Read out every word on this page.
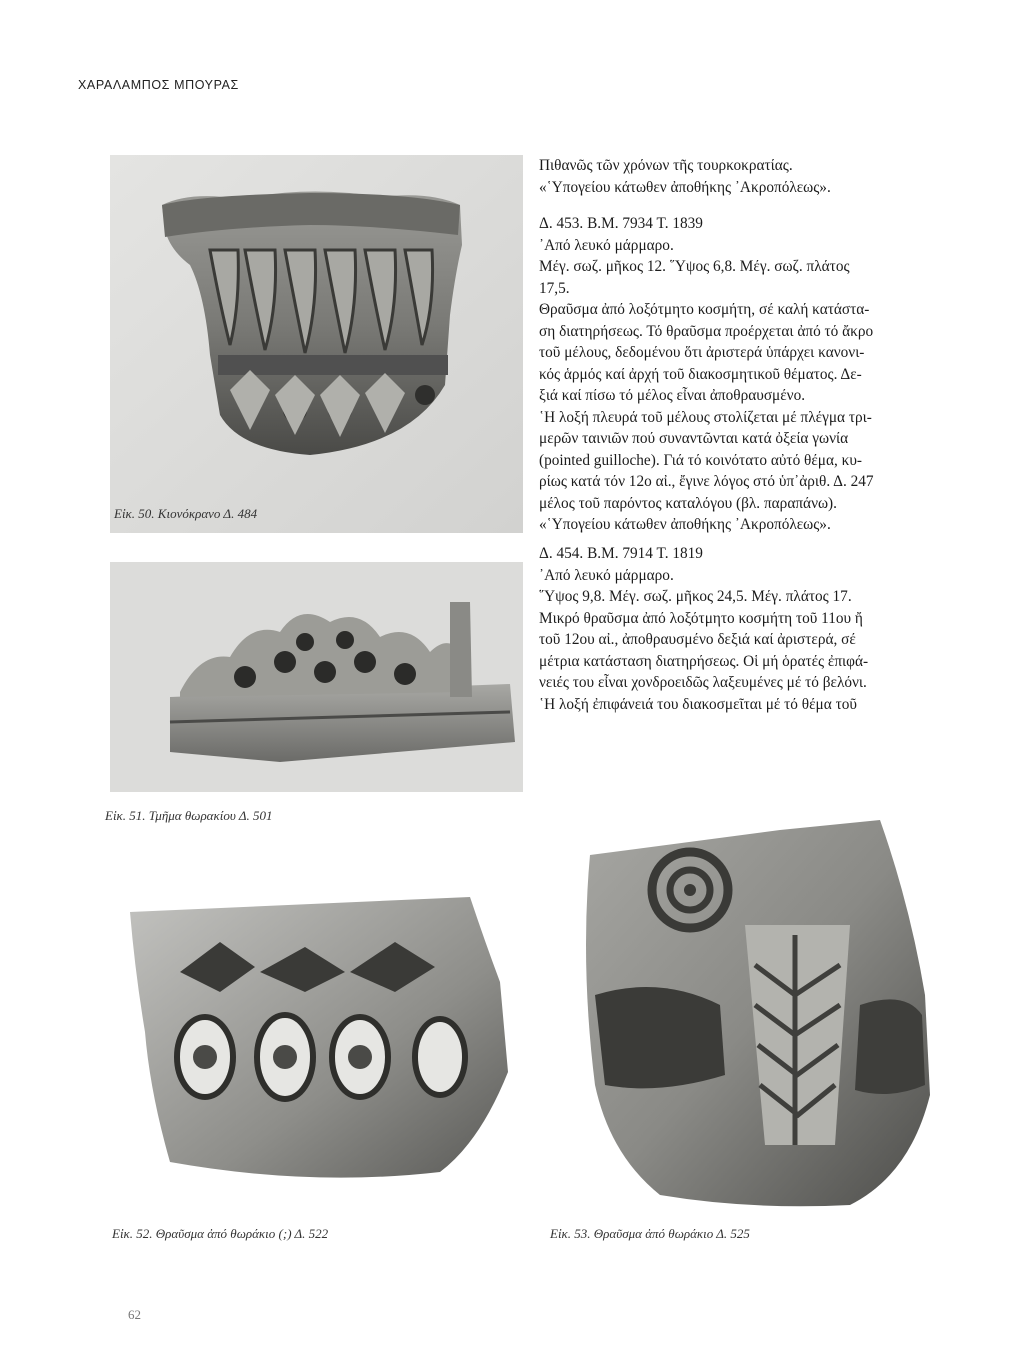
ΧΑΡΑΛΑΜΠΟΣ ΜΠΟΥΡΑΣ
Εἰκ. 50. Κιονόκρανο Δ. 484
Εἰκ. 51. Τμῆμα θωρακίου Δ. 501
Εἰκ. 52. Θραῦσμα ἀπό θωράκιο (;) Δ. 522	Εἰκ. 53. Θραῦσμα ἀπό θωράκιο Δ. 525

Πιθανῶς τῶν χρόνων τῆς τουρκοκρατίας.

«῾Υπογείου κάτωθεν ἀποθήκης ᾿Ακροπόλεως».

Δ. 453. Β.Μ. 7934 Τ. 1839

᾿Από λευκό μάρμαρο.

Μέγ. σωζ. μῆκος 12. ῞Υψος 6,8. Μέγ. σωζ. πλάτος

17,5.

Θραῦσμα ἀπό λοξότμητο κοσμήτη, σέ καλή κατάστα-

ση διατηρήσεως. Τό θραῦσμα προέρχεται ἀπό τό ἄκρο

τοῦ μέλους, δεδομένου ὅτι ἀριστερά ὑπάρχει κανονι-

κός ἁρμός καί ἀρχή τοῦ διακοσμητικοῦ θέματος. Δε-

ξιά καί πίσω τό μέλος εἶναι ἀποθραυσμένο.

῾Η λοξή πλευρά τοῦ μέλους στολίζεται μέ πλέγμα τρι-

μερῶν ταινιῶν πού συναντῶνται κατά ὀξεία γωνία

(pointed guilloche). Γιά τό κοινότατο αὐτό θέμα, κυ-

ρίως κατά τόν 12ο αἰ., ἔγινε λόγος στό ὑπ᾿ἀριθ. Δ. 247

μέλος τοῦ παρόντος καταλόγου (βλ. παραπάνω).

«῾Υπογείου κάτωθεν ἀποθήκης ᾿Ακροπόλεως».

Δ. 454. Β.Μ. 7914 Τ. 1819

᾿Από λευκό μάρμαρο.

῞Υψος 9,8. Μέγ. σωζ. μῆκος 24,5. Μέγ. πλάτος 17.

Μικρό θραῦσμα ἀπό λοξότμητο κοσμήτη τοῦ 11ου ἤ

τοῦ 12ου αἰ., ἀποθραυσμένο δεξιά καί ἀριστερά, σέ

μέτρια κατάσταση διατηρήσεως. Οἱ μή ὁρατές ἐπιφά-

νειές του εἶναι χονδροειδῶς λαξευμένες μέ τό βελόνι.

῾Η λοξή ἐπιφάνειά του διακοσμεῖται μέ τό θέμα τοῦ

62
